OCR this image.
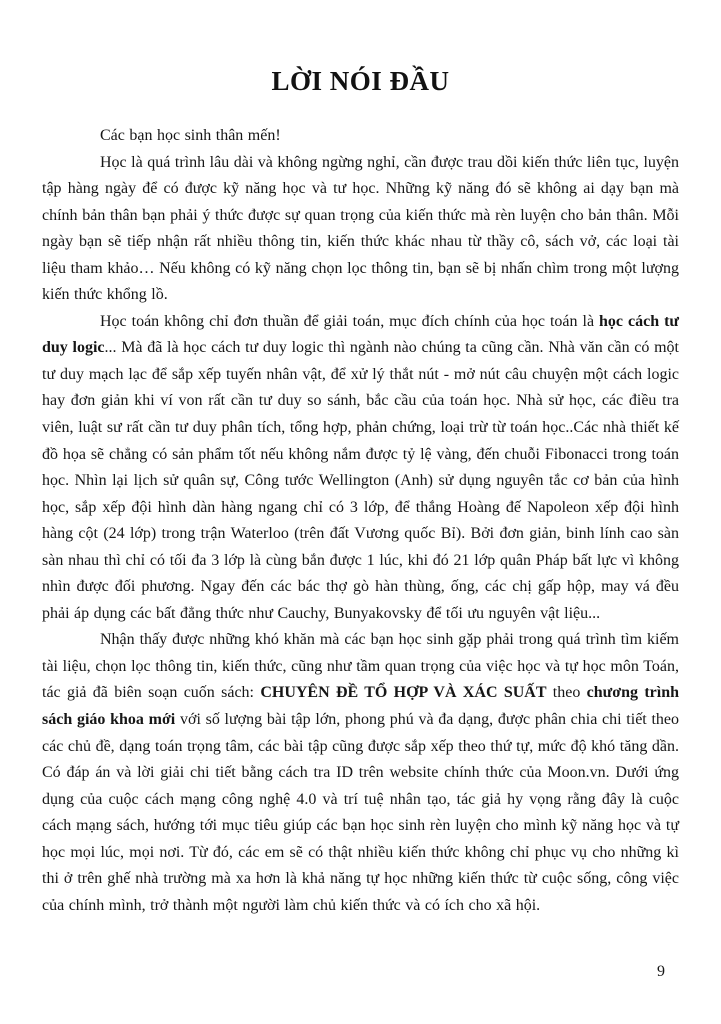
LỜI NÓI ĐẦU

Các bạn học sinh thân mến!

Học là quá trình lâu dài và không ngừng nghỉ, cần được trau dồi kiến thức liên tục, luyện tập hàng ngày để có được kỹ năng học và tư học. Những kỹ năng đó sẽ không ai dạy bạn mà chính bản thân bạn phải ý thức được sự quan trọng của kiến thức mà rèn luyện cho bản thân. Mỗi ngày bạn sẽ tiếp nhận rất nhiều thông tin, kiến thức khác nhau từ thầy cô, sách vở, các loại tài liệu tham khảo… Nếu không có kỹ năng chọn lọc thông tin, bạn sẽ bị nhấn chìm trong một lượng kiến thức khổng lồ.

Học toán không chỉ đơn thuần để giải toán, mục đích chính của học toán là học cách tư duy logic... Mà đã là học cách tư duy logic thì ngành nào chúng ta cũng cần. Nhà văn cần có một tư duy mạch lạc để sắp xếp tuyến nhân vật, để xử lý thắt nút - mở nút câu chuyện một cách logic hay đơn giản khi ví von rất cần tư duy so sánh, bắc cầu của toán học. Nhà sử học, các điều tra viên, luật sư rất cần tư duy phân tích, tổng hợp, phản chứng, loại trừ từ toán học..Các nhà thiết kế đồ họa sẽ chẳng có sản phẩm tốt nếu không nắm được tỷ lệ vàng, đến chuỗi Fibonacci trong toán học. Nhìn lại lịch sử quân sự, Công tước Wellington (Anh) sử dụng nguyên tắc cơ bản của hình học, sắp xếp đội hình dàn hàng ngang chỉ có 3 lớp, để thắng Hoàng đế Napoleon xếp đội hình hàng cột (24 lớp) trong trận Waterloo (trên đất Vương quốc Bỉ). Bởi đơn giản, binh lính cao sàn sàn nhau thì chỉ có tối đa 3 lớp là cùng bắn được 1 lúc, khi đó 21 lớp quân Pháp bất lực vì không nhìn được đối phương. Ngay đến các bác thợ gò hàn thùng, ống, các chị gấp hộp, may vá đều phải áp dụng các bất đẳng thức như Cauchy, Bunyakovsky để tối ưu nguyên vật liệu...

Nhận thấy được những khó khăn mà các bạn học sinh gặp phải trong quá trình tìm kiếm tài liệu, chọn lọc thông tin, kiến thức, cũng như tầm quan trọng của việc học và tự học môn Toán, tác giả đã biên soạn cuốn sách: CHUYÊN ĐỀ TỔ HỢP VÀ XÁC SUẤT theo chương trình sách giáo khoa mới với số lượng bài tập lớn, phong phú và đa dạng, được phân chia chi tiết theo các chủ đề, dạng toán trọng tâm, các bài tập cũng được sắp xếp theo thứ tự, mức độ khó tăng dần. Có đáp án và lời giải chi tiết bằng cách tra ID trên website chính thức của Moon.vn. Dưới ứng dụng của cuộc cách mạng công nghệ 4.0 và trí tuệ nhân tạo, tác giả hy vọng rằng đây là cuộc cách mạng sách, hướng tới mục tiêu giúp các bạn học sinh rèn luyện cho mình kỹ năng học và tự học mọi lúc, mọi nơi. Từ đó, các em sẽ có thật nhiều kiến thức không chỉ phục vụ cho những kì thi ở trên ghế nhà trường mà xa hơn là khả năng tự học những kiến thức từ cuộc sống, công việc của chính mình, trở thành một người làm chủ kiến thức và có ích cho xã hội.

9
